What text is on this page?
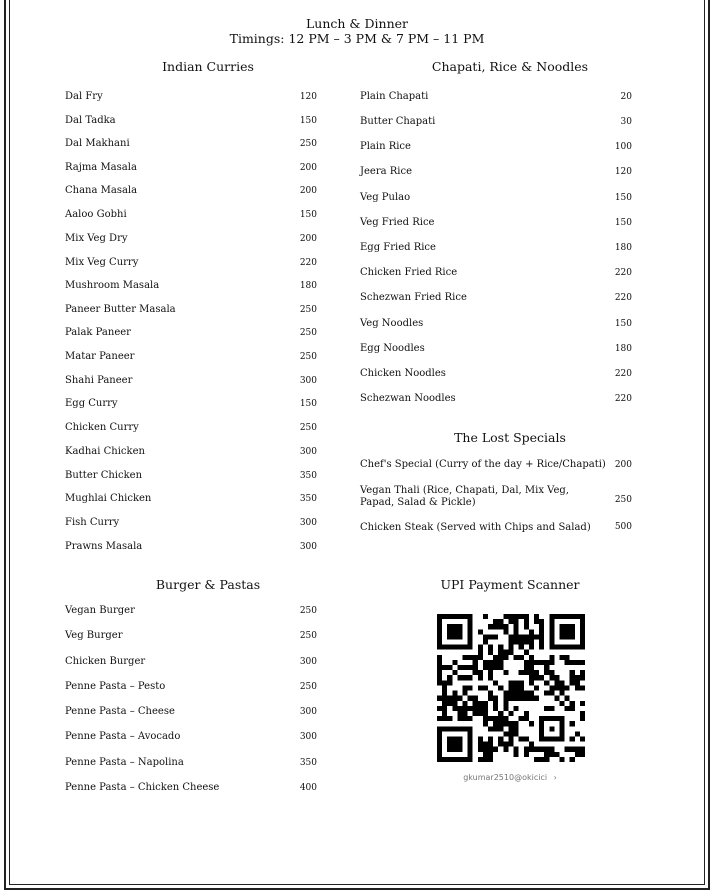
Lunch & Dinner
Timings: 12 PM – 3 PM & 7 PM – 11 PM
Indian Curries	Chapati, Rice & Noodles
The Lost Specials
Burger & Pastas	UPI Payment Scanner
Dal Fry	120
Dal Tadka	150
Dal Makhani	250
Rajma Masala	200
Chana Masala	200
Aaloo Gobhi	150
Mix Veg Dry	200
Mix Veg Curry	220
Mushroom Masala	180
Paneer Butter Masala	250
Palak Paneer	250
Matar Paneer	250
Shahi Paneer	300
Egg Curry	150
Chicken Curry	250
Kadhai Chicken	300
Butter Chicken	350
Mughlai Chicken	350
Fish Curry	300
Prawns Masala	300
Plain Chapati	20
Butter Chapati	30
Plain Rice	100
Jeera Rice	120
Veg Pulao	150
Veg Fried Rice	150
Egg Fried Rice	180
Chicken Fried Rice	220
Schezwan Fried Rice	220
Veg Noodles	150
Egg Noodles	180
Chicken Noodles	220
Schezwan Noodles	220
Chef's Special (Curry of the day + Rice/Chapati) 200
Vegan Thali (Rice, Chapati, Dal, Mix Veg, Papad, Salad & Pickle)	250
Chicken Steak (Served with Chips and Salad)	500
Vegan Burger	250
Veg Burger	250
Chicken Burger	300
Penne Pasta – Pesto	250
Penne Pasta – Cheese	300
Penne Pasta – Avocado	300
Penne Pasta – Napolina	350
Penne Pasta – Chicken Cheese	400
gkumar2510@okicici ›
